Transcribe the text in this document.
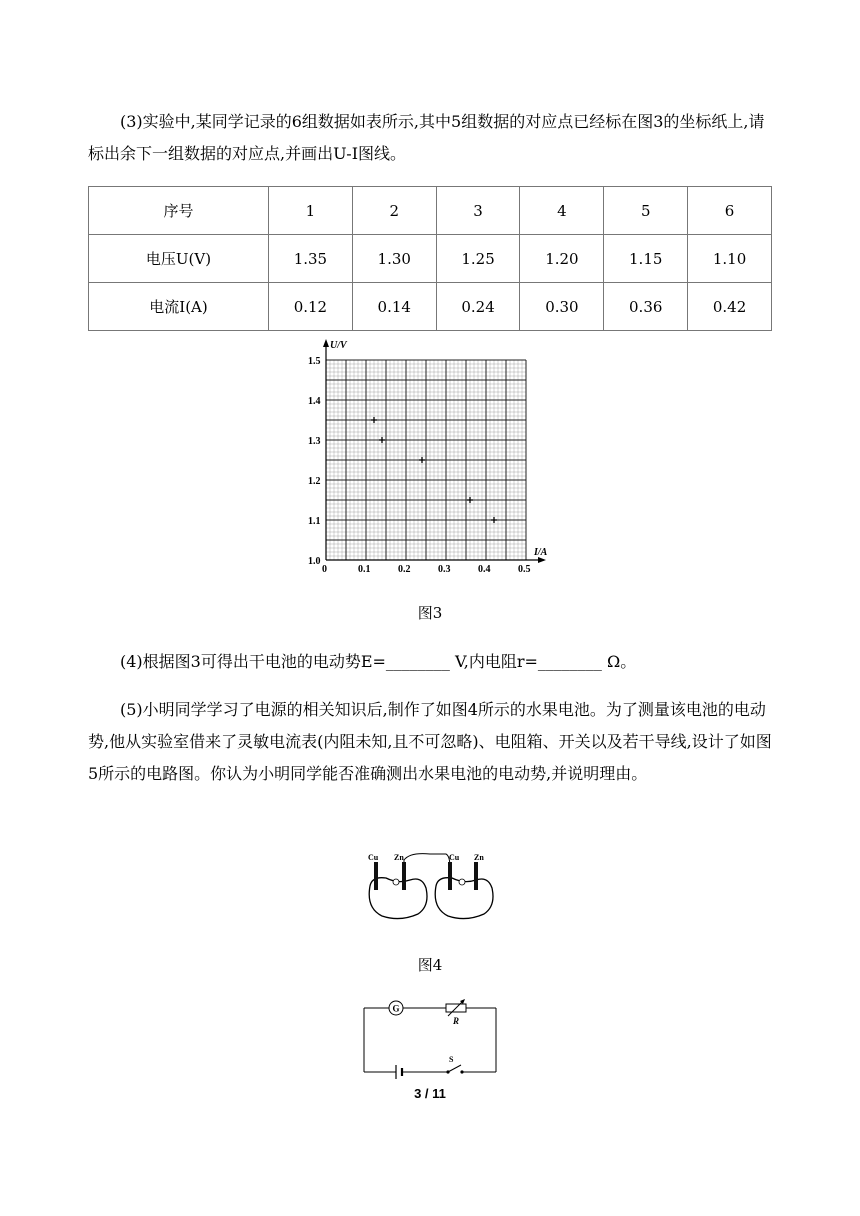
(3)实验中,某同学记录的6组数据如表所示,其中5组数据的对应点已经标在图3的坐标纸上,请标出余下一组数据的对应点,并画出U-I图线。
序号	1	2	3	4	5	6
电压U(V)	1.35	1.30	1.25	1.20	1.15	1.10
电流I(A)	0.12	0.14	0.24	0.30	0.36	0.42
U/V
I/A
1.5
1.4
1.3
1.2
1.1
1.0
0	0.1	0.2	0.3	0.4	0.5
图3
(4)根据图3可得出干电池的电动势E=________ V,内电阻r=________ Ω。
(5)小明同学学习了电源的相关知识后,制作了如图4所示的水果电池。为了测量该电池的电动势,他从实验室借来了灵敏电流表(内阻未知,且不可忽略)、电阻箱、开关以及若干导线,设计了如图5所示的电路图。你认为小明同学能否准确测出水果电池的电动势,并说明理由。
Cu Zn	Cu Zn
图4
G
R
S
3 / 11
